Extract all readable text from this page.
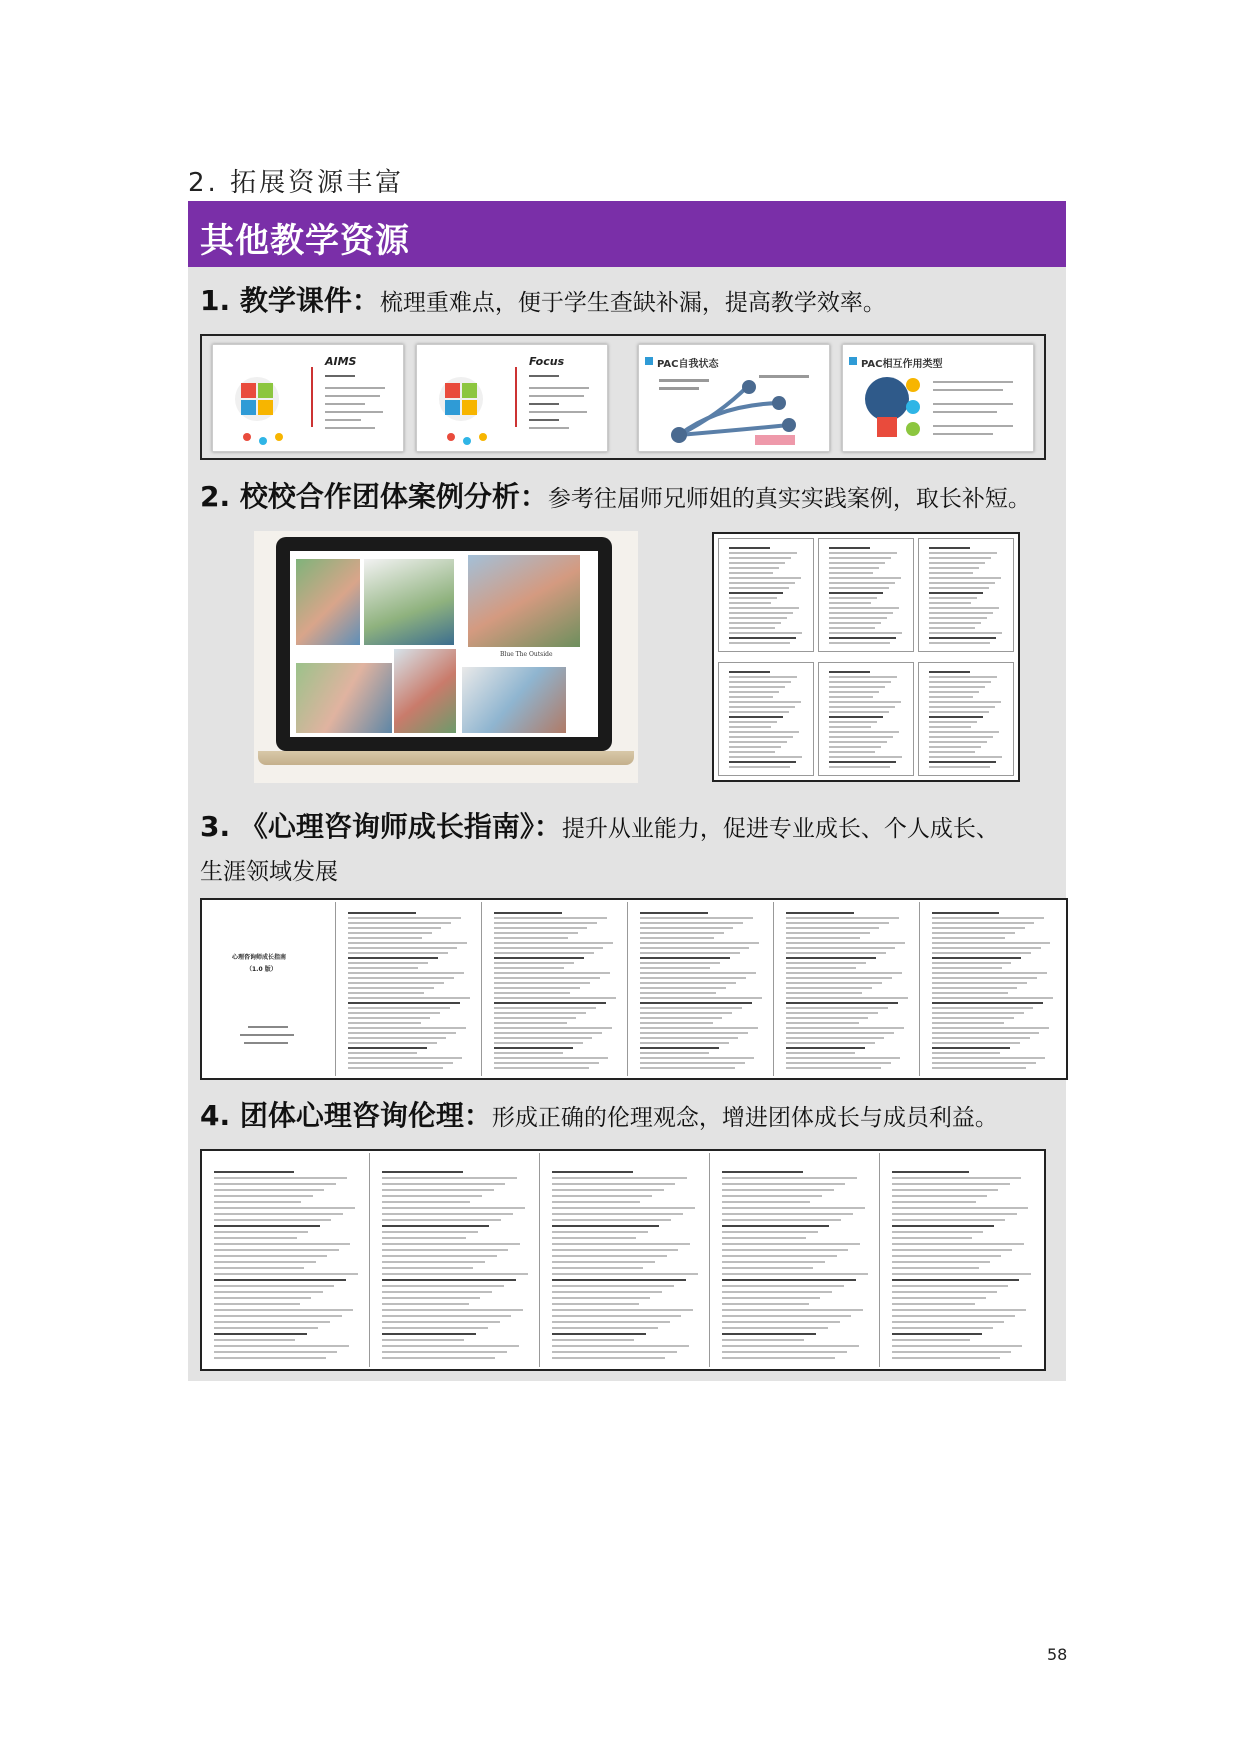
2. 拓展资源丰富
其他教学资源
1. 教学课件：梳理重难点，便于学生查缺补漏，提高教学效率。
AIMS	Focus	PAC自我状态	PAC相互作用类型
2. 校校合作团体案例分析：参考往届师兄师姐的真实实践案例，取长补短。
Blue The Outside
3. 《心理咨询师成长指南》：提升从业能力，促进专业成长、个人成长、
生涯领域发展
心理咨询师成长指南
（1.0 版）
4. 团体心理咨询伦理：形成正确的伦理观念，增进团体成长与成员利益。
58
